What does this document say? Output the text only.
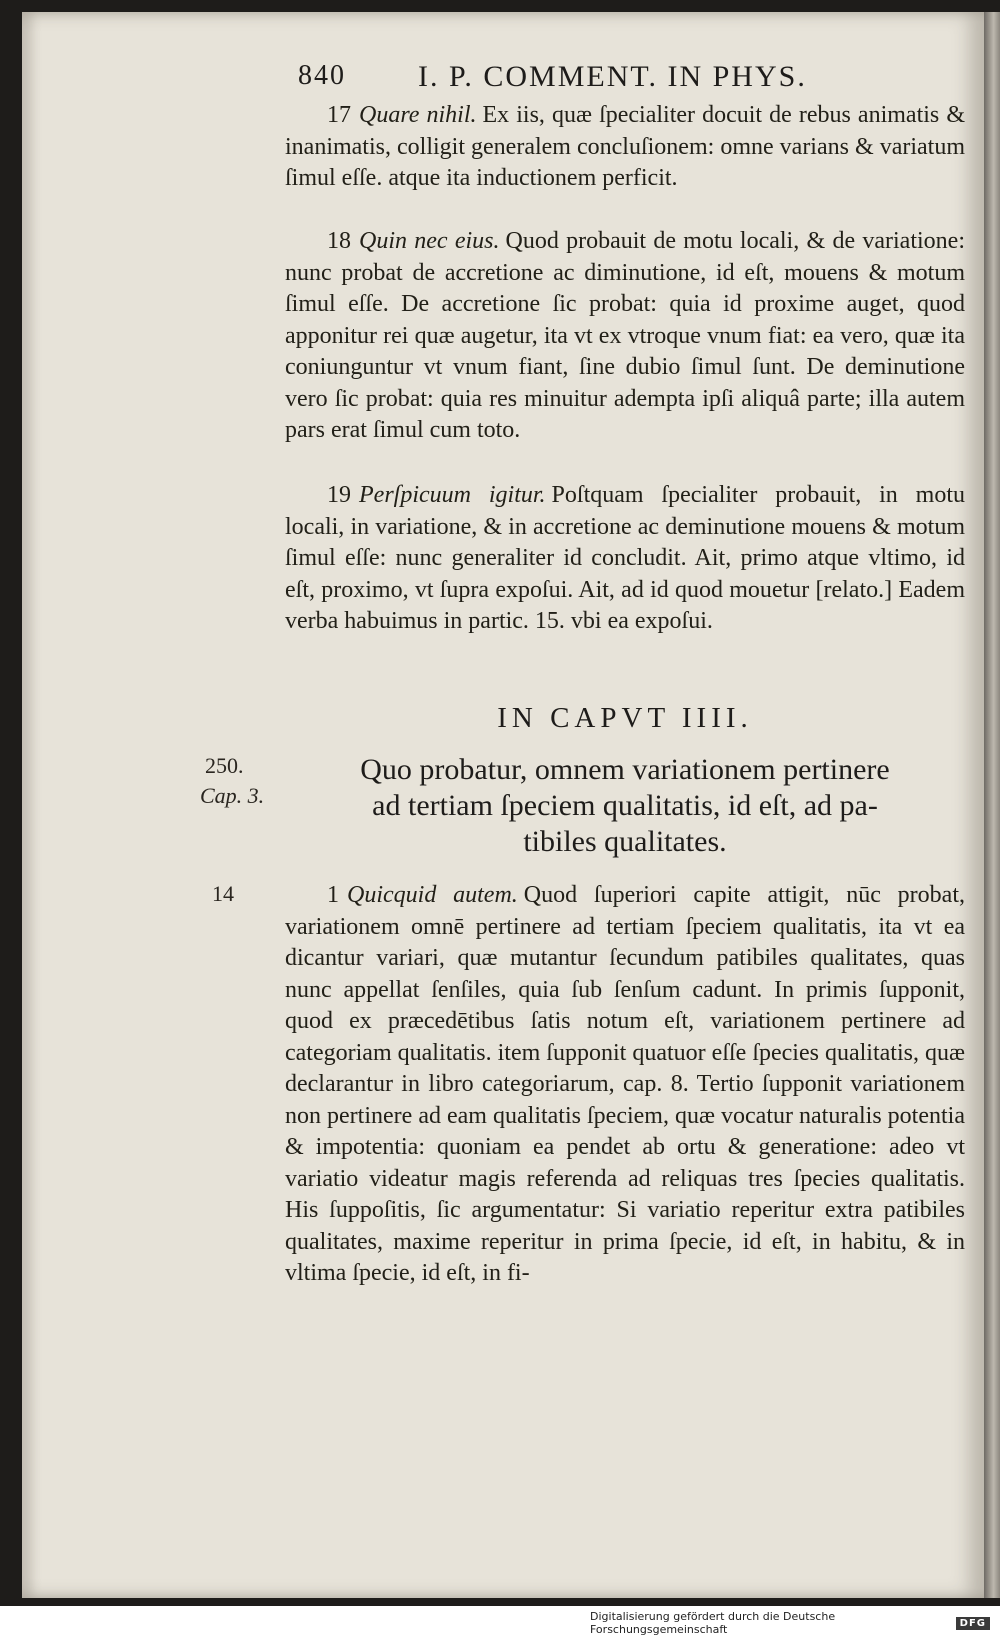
840 I. P. COMMENT. IN PHYS.
17 Quare nihil. Ex iis, quæ ſpecialiter docuit de rebus animatis & inanimatis, colligit generalem concluſionem: omne varians & variatum ſimul eſſe. atque ita inductionem perficit.
18 Quin nec eius. Quod probauit de motu locali, & de variatione: nunc probat de accretione ac diminutione, id eſt, mouens & motum ſimul eſſe. De accretione ſic probat: quia id proxime auget, quod apponitur rei quæ augetur, ita vt ex vtroque vnum fiat: ea vero, quæ ita coniunguntur vt vnum fiant, ſine dubio ſimul ſunt. De deminutione vero ſic probat: quia res minuitur adempta ipſi aliquâ parte; illa autem pars erat ſimul cum toto.
19 Perſpicuum igitur. Poſtquam ſpecialiter probauit, in motu locali, in variatione, & in accretione ac deminutione mouens & motum ſimul eſſe: nunc generaliter id concludit. Ait, primo atque vltimo, id eſt, proximo, vt ſupra expoſui. Ait, ad id quod mouetur [relato.] Eadem verba habuimus in partic. 15. vbi ea expoſui.
IN CAPVT IIII.
Quo probatur, omnem variationem pertinere
ad tertiam ſpeciem qualitatis, id eſt, ad pa-
tibiles qualitates.
250.
Cap. 3.
14	1 Quicquid autem. Quod ſuperiori capite attigit, nūc probat, variationem omnē pertinere ad tertiam ſpeciem qualitatis, ita vt ea dicantur variari, quæ mutantur ſecundum patibiles qualitates, quas nunc appellat ſenſiles, quia ſub ſenſum cadunt. In primis ſupponit, quod ex præcedētibus ſatis notum eſt, variationem pertinere ad categoriam qualitatis. item ſupponit quatuor eſſe ſpecies qualitatis, quæ declarantur in libro categoriarum, cap. 8. Tertio ſupponit variationem non pertinere ad eam qualitatis ſpeciem, quæ vocatur naturalis potentia & impotentia: quoniam ea pendet ab ortu & generatione: adeo vt variatio videatur magis referenda ad reliquas tres ſpecies qualitatis. His ſuppoſitis, ſic argumentatur: Si variatio reperitur extra patibiles qualitates, maxime reperitur in prima ſpecie, id eſt, in habitu, & in vltima ſpecie, id eſt, in fi-
Digitalisierung gefördert durch die Deutsche Forschungsgemeinschaft	DFG
